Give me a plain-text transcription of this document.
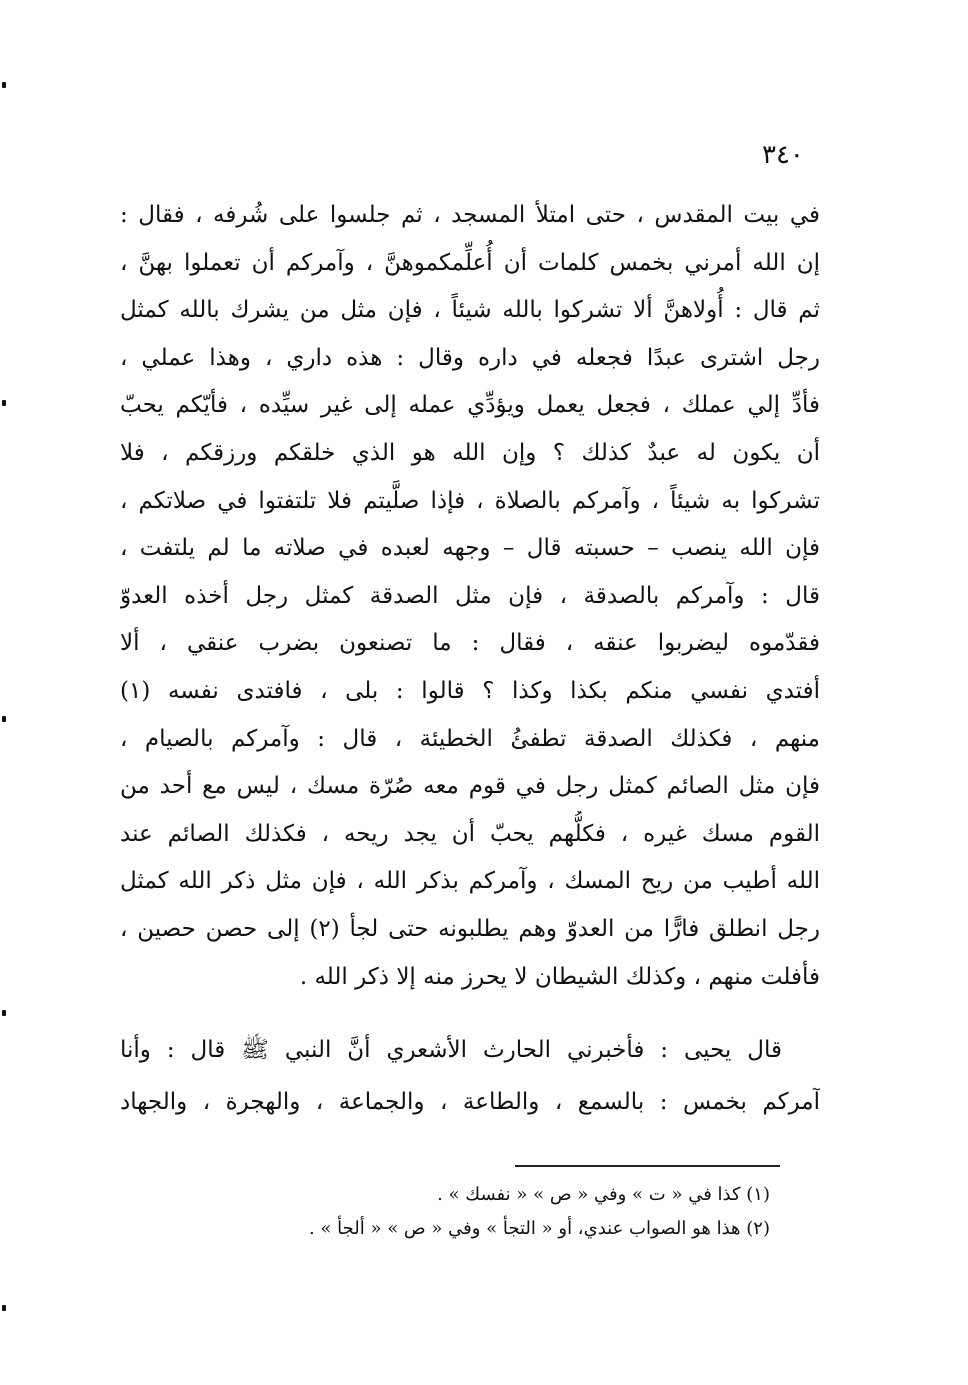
٣٤٠
في بيت المقدس ، حتى امتلأ المسجد ، ثم جلسوا على شُرفه ، فقال :
إن الله أمرني بخمس كلمات أن أُعلِّمكموهنَّ ، وآمركم أن تعملوا بهنَّ ،
ثم قال : أُولاهنَّ ألا تشركوا بالله شيئاً ، فإن مثل من يشرك بالله كمثل
رجل اشترى عبدًا فجعله في داره وقال : هذه داري ، وهذا عملي ،
فأدِّ إلي عملك ، فجعل يعمل ويؤدِّي عمله إلى غير سيِّده ، فأيّكم يحبّ
أن يكون له عبدٌ كذلك ؟ وإن الله هو الذي خلقكم ورزقكم ، فلا
تشركوا به شيئاً ، وآمركم بالصلاة ، فإذا صلَّيتم فلا تلتفتوا في صلاتكم ،
فإن الله ينصب – حسبته قال – وجهه لعبده في صلاته ما لم يلتفت ،
قال : وآمركم بالصدقة ، فإن مثل الصدقة كمثل رجل أخذه العدوّ
فقدّموه ليضربوا عنقه ، فقال : ما تصنعون بضرب عنقي ، ألا
أفتدي نفسي منكم بكذا وكذا ؟ قالوا : بلى ، فافتدى نفسه (١)
منهم ، فكذلك الصدقة تطفئُ الخطيئة ، قال : وآمركم بالصيام ،
فإن مثل الصائم كمثل رجل في قوم معه صُرّة مسك ، ليس مع أحد من
القوم مسك غيره ، فكلُّهم يحبّ أن يجد ريحه ، فكذلك الصائم عند
الله أطيب من ريح المسك ، وآمركم بذكر الله ، فإن مثل ذكر الله كمثل
رجل انطلق فارًّا من العدوّ وهم يطلبونه حتى لجأ (٢) إلى حصن حصين ،
فأفلت منهم ، وكذلك الشيطان لا يحرز منه إلا ذكر الله .
قال يحيى : فأخبرني الحارث الأشعري أنَّ النبي ﷺ قال : وأنا
آمركم بخمس : بالسمع ، والطاعة ، والجماعة ، والهجرة ، والجهاد
(١) كذا في « ت » وفي « ص » « نفسك » .
(٢) هذا هو الصواب عندي، أو « التجأ » وفي « ص » « ألجأ » .
